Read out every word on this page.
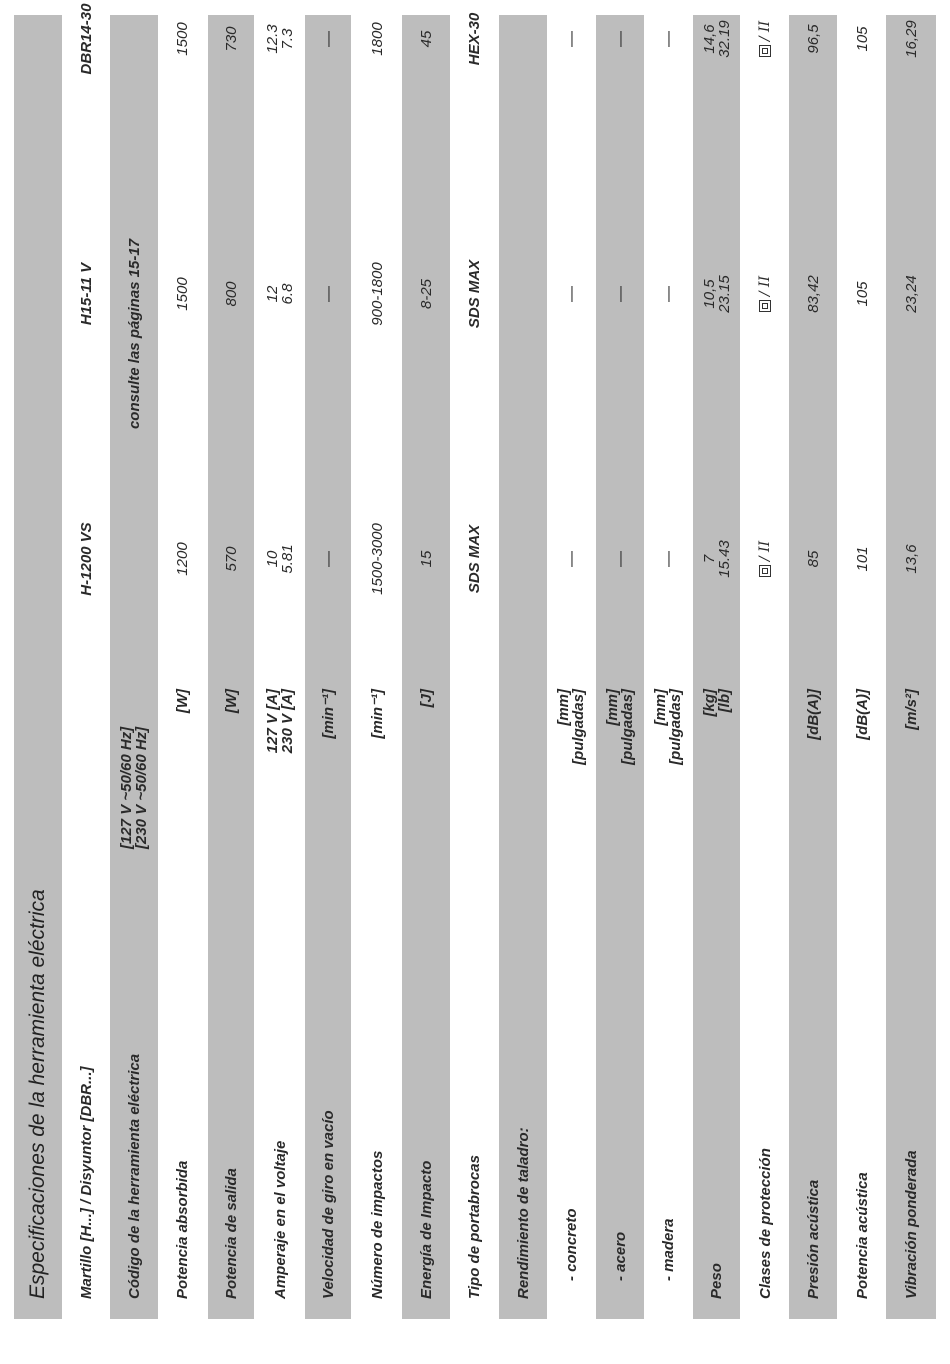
Especificaciones de la herramienta eléctrica	Martillo [H...] / Disyuntor [DBR...]
H-1200 VS
H15-11 V
DBR14-30
Código de la herramienta eléctrica
[127 V ~50/60 Hz]
[230 V ~50/60 Hz]
consulte las páginas 15-17
Potencia absorbida
[W]
1200
1500
1500
Potencia de salida
[W]
570
800
730
Amperaje en el voltaje
127 V [A]
230 V [A]
10
5.81
12
6.8
12.3
7.3
Velocidad de giro en vacío
[min⁻¹]
—
—
—
Número de impactos
[min⁻¹]
1500-3000
900-1800
1800
Energía de Impacto
[J]
15
8-25
45
Tipo de portabrocas
SDS MAX
SDS MAX
HEX-30
Rendimiento de taladro:	- concreto
[mm]
[pulgadas]
—
—
—
- acero
[mm]
[pulgadas]
—
—
—
- madera
[mm]
[pulgadas]
—
—
—
Peso
[kg]
[lb]
7
15.43
10,5
23.15
14,6
32.19
Clases de protección
/ II
/ II
/ II
Presión acústica
[dB(A)]
85
83,42
96,5
Potencia acústica
[dB(A)]
101
105
105
Vibración ponderada
[m/s²]
13,6
23,24
16,29
